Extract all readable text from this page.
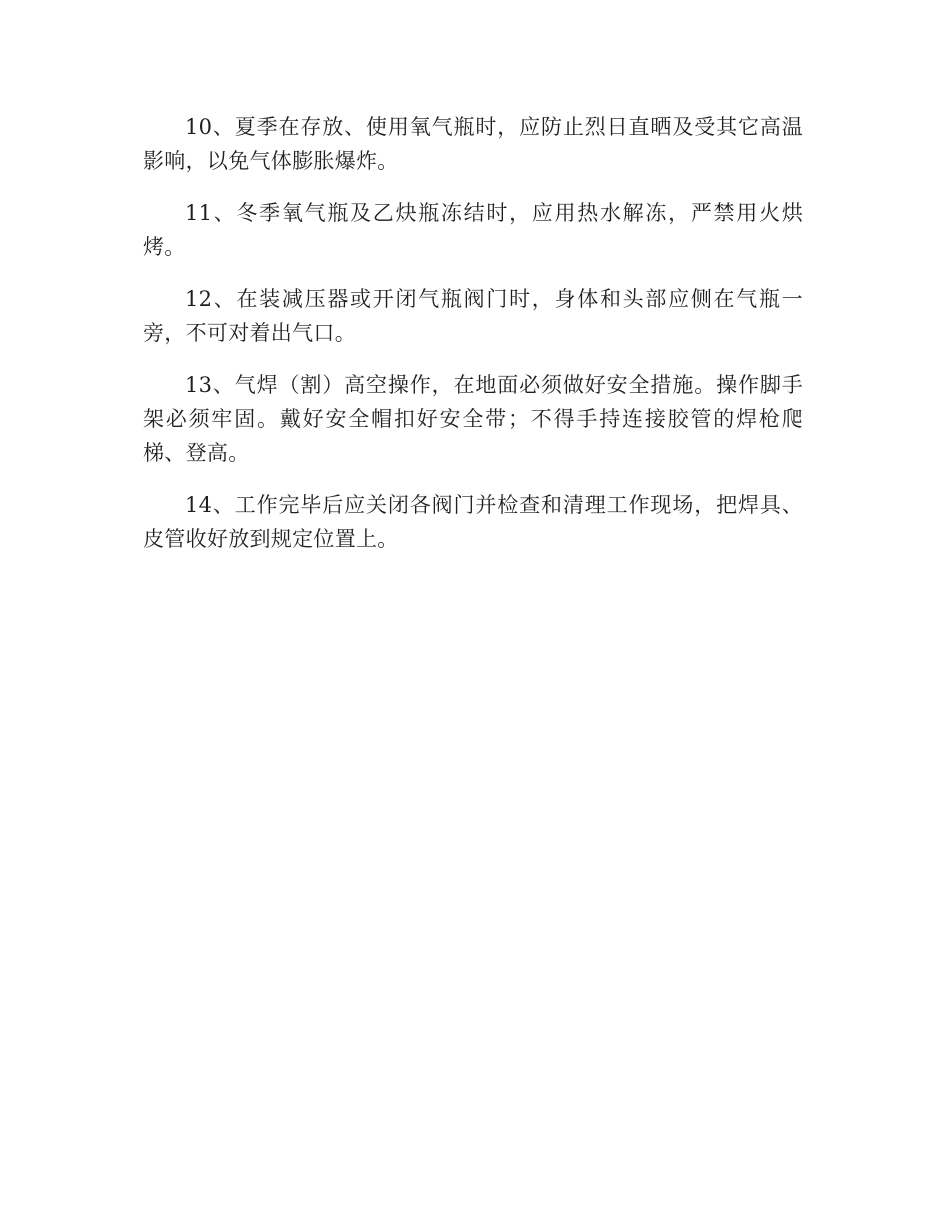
10、夏季在存放、使用氧气瓶时，应防止烈日直晒及受其它高温影响，以免气体膨胀爆炸。

11、冬季氧气瓶及乙炔瓶冻结时，应用热水解冻，严禁用火烘烤。

12、在装减压器或开闭气瓶阀门时，身体和头部应侧在气瓶一旁，不可对着出气口。

13、气焊（割）高空操作，在地面必须做好安全措施。操作脚手架必须牢固。戴好安全帽扣好安全带；不得手持连接胶管的焊枪爬梯、登高。

14、工作完毕后应关闭各阀门并检查和清理工作现场，把焊具、皮管收好放到规定位置上。
